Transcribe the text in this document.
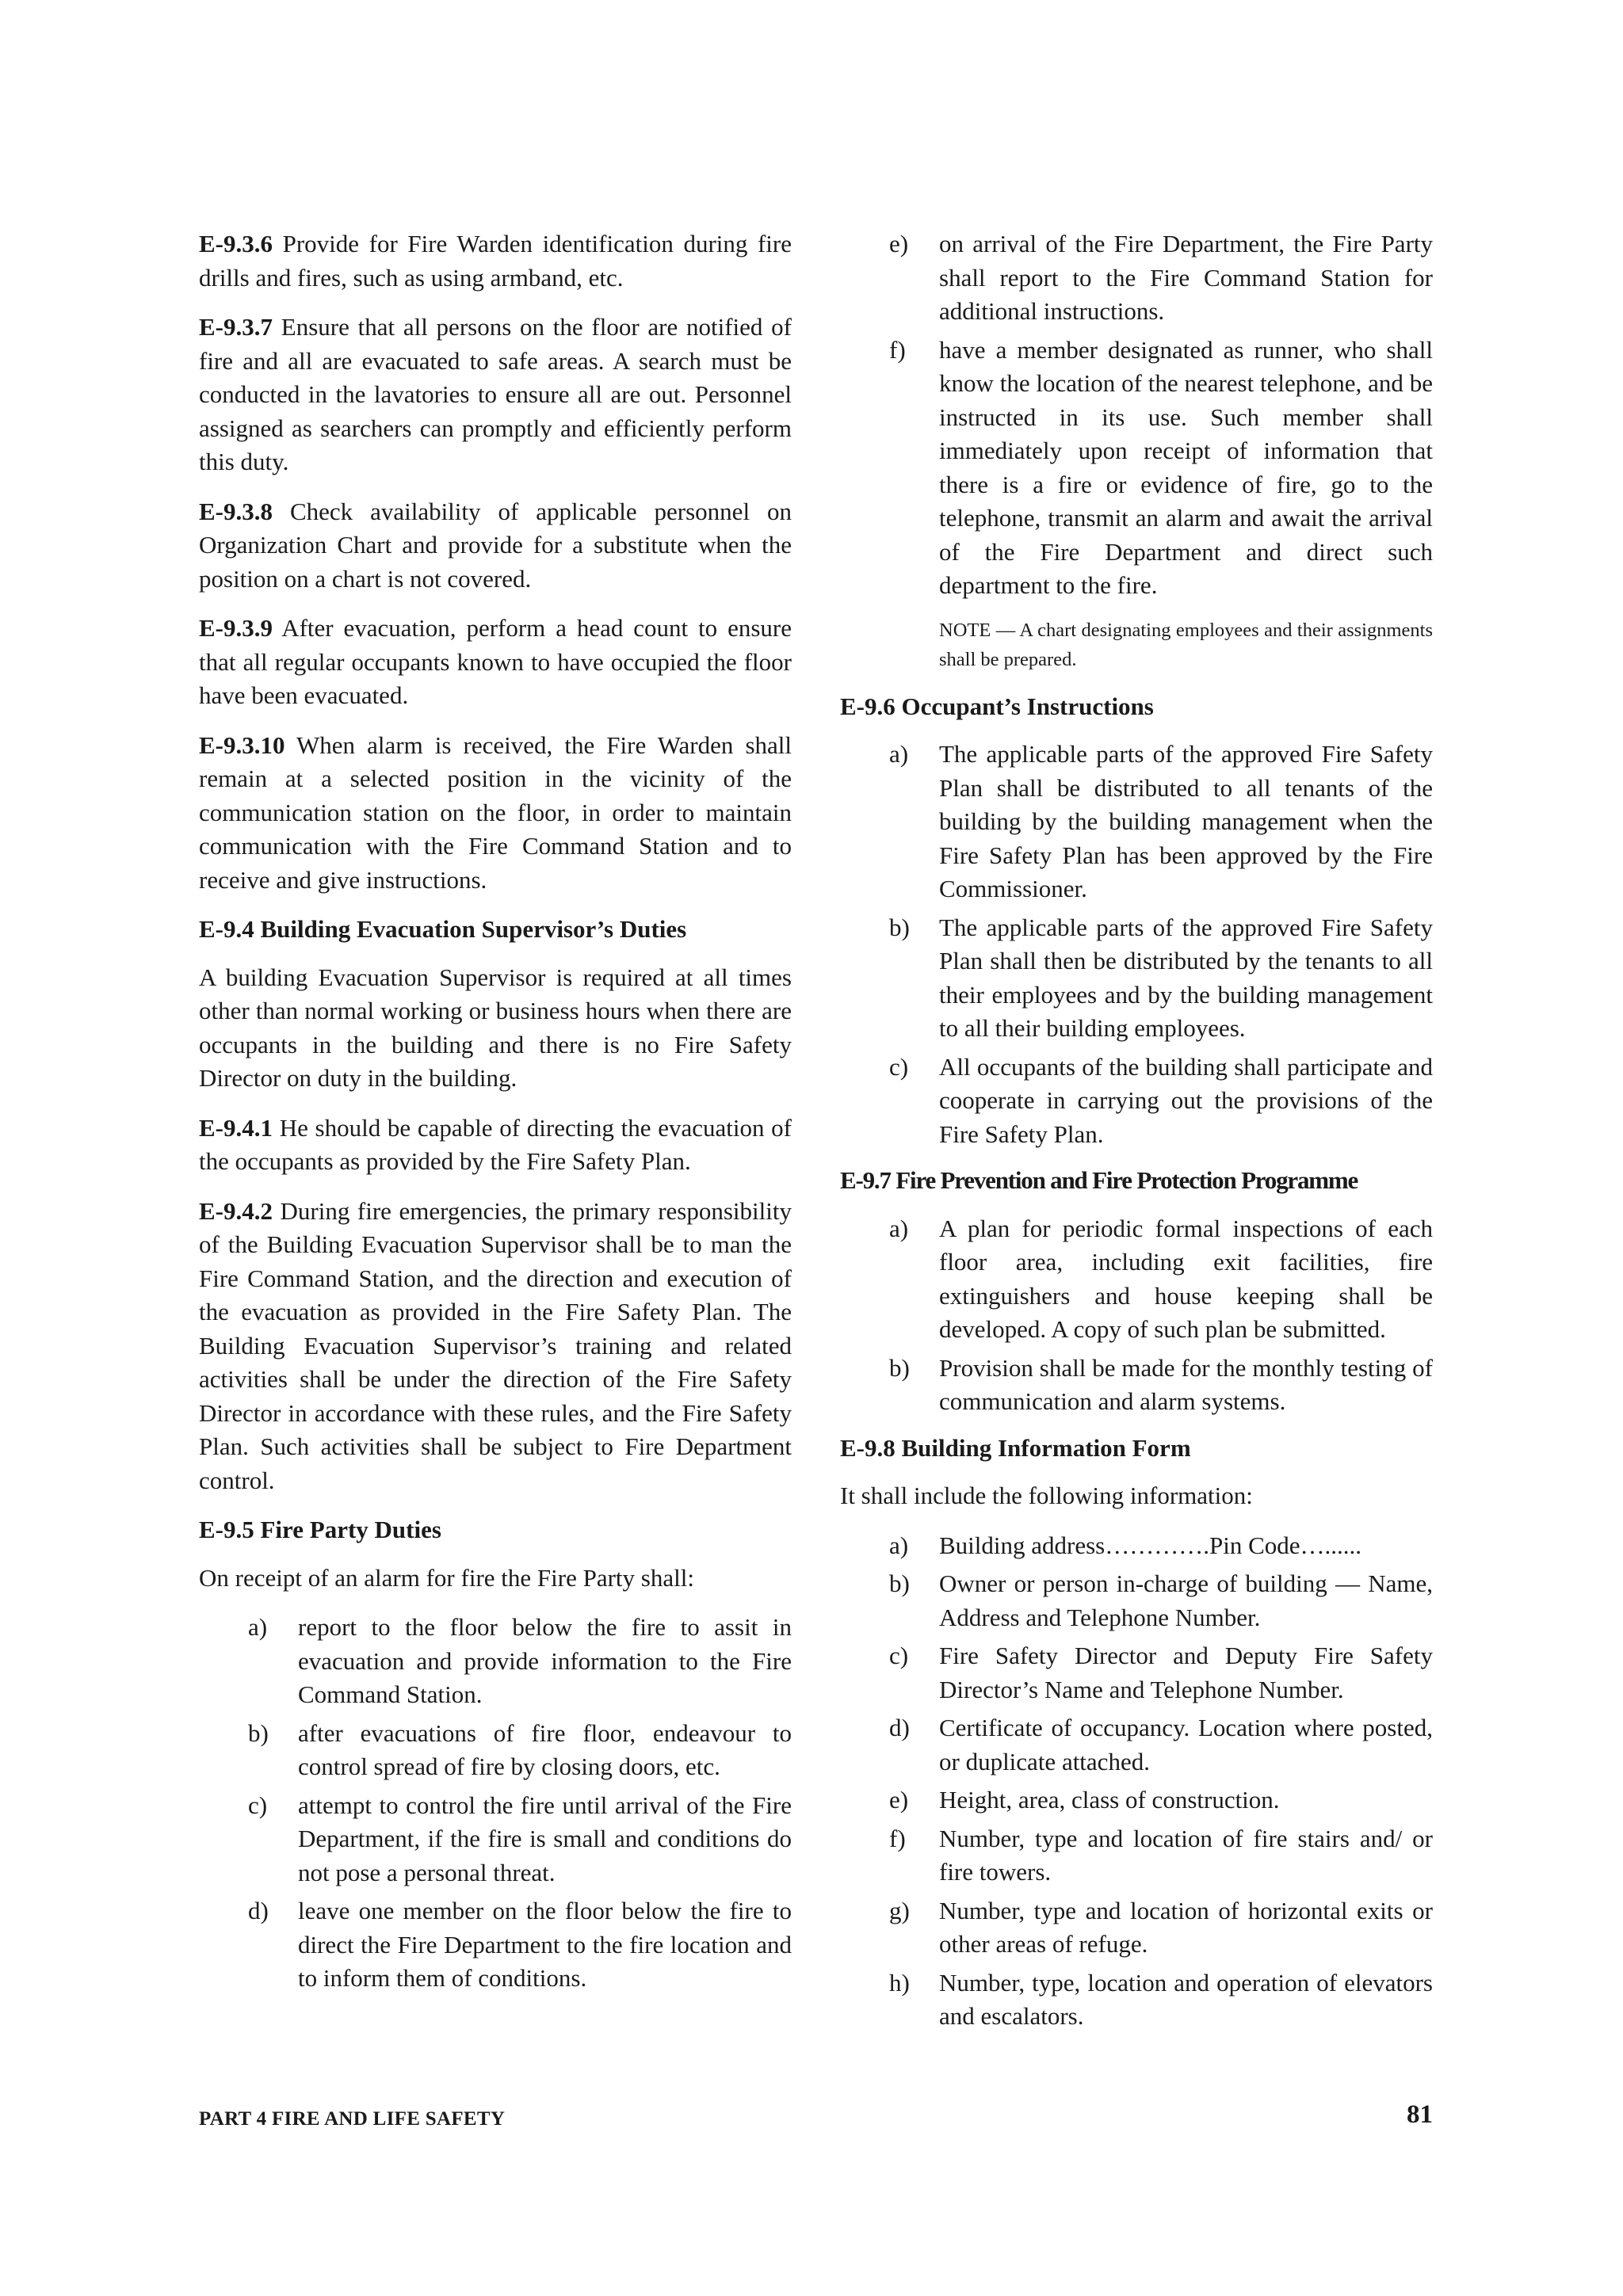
E-9.3.6 Provide for Fire Warden identification during fire drills and fires, such as using armband, etc.

E-9.3.7 Ensure that all persons on the floor are notified of fire and all are evacuated to safe areas. A search must be conducted in the lavatories to ensure all are out. Personnel assigned as searchers can promptly and efficiently perform this duty.

E-9.3.8 Check availability of applicable personnel on Organization Chart and provide for a substitute when the position on a chart is not covered.

E-9.3.9 After evacuation, perform a head count to ensure that all regular occupants known to have occupied the floor have been evacuated.

E-9.3.10 When alarm is received, the Fire Warden shall remain at a selected position in the vicinity of the communication station on the floor, in order to maintain communication with the Fire Command Station and to receive and give instructions.

E-9.4 Building Evacuation Supervisor’s Duties

A building Evacuation Supervisor is required at all times other than normal working or business hours when there are occupants in the building and there is no Fire Safety Director on duty in the building.

E-9.4.1 He should be capable of directing the evacuation of the occupants as provided by the Fire Safety Plan.

E-9.4.2 During fire emergencies, the primary responsibility of the Building Evacuation Supervisor shall be to man the Fire Command Station, and the direction and execution of the evacuation as provided in the Fire Safety Plan. The Building Evacuation Supervisor’s training and related activities shall be under the direction of the Fire Safety Director in accordance with these rules, and the Fire Safety Plan. Such activities shall be subject to Fire Department control.

E-9.5 Fire Party Duties

On receipt of an alarm for fire the Fire Party shall:

a) report to the floor below the fire to assit in evacuation and provide information to the Fire Command Station.
b) after evacuations of fire floor, endeavour to control spread of fire by closing doors, etc.
c) attempt to control the fire until arrival of the Fire Department, if the fire is small and conditions do not pose a personal threat.
d) leave one member on the floor below the fire to direct the Fire Department to the fire location and to inform them of conditions.
e) on arrival of the Fire Department, the Fire Party shall report to the Fire Command Station for additional instructions.
f) have a member designated as runner, who shall know the location of the nearest telephone, and be instructed in its use. Such member shall immediately upon receipt of information that there is a fire or evidence of fire, go to the telephone, transmit an alarm and await the arrival of the Fire Department and direct such department to the fire.

NOTE — A chart designating employees and their assignments shall be prepared.

E-9.6 Occupant’s Instructions
a) The applicable parts of the approved Fire Safety Plan shall be distributed to all tenants of the building by the building management when the Fire Safety Plan has been approved by the Fire Commissioner.
b) The applicable parts of the approved Fire Safety Plan shall then be distributed by the tenants to all their employees and by the building management to all their building employees.
c) All occupants of the building shall participate and cooperate in carrying out the provisions of the Fire Safety Plan.
E-9.7 Fire Prevention and Fire Protection Programme
a) A plan for periodic formal inspections of each floor area, including exit facilities, fire extinguishers and house keeping shall be developed. A copy of such plan be submitted.
b) Provision shall be made for the monthly testing of communication and alarm systems.
E-9.8 Building Information Form

It shall include the following information:

a) Building address………….Pin Code…......
b) Owner or person in-charge of building — Name, Address and Telephone Number.
c) Fire Safety Director and Deputy Fire Safety Director’s Name and Telephone Number.
d) Certificate of occupancy. Location where posted, or duplicate attached.
e) Height, area, class of construction.
f) Number, type and location of fire stairs and/ or fire towers.
g) Number, type and location of horizontal exits or other areas of refuge.
h) Number, type, location and operation of elevators and escalators.
PART 4 FIRE AND LIFE SAFETY	81
